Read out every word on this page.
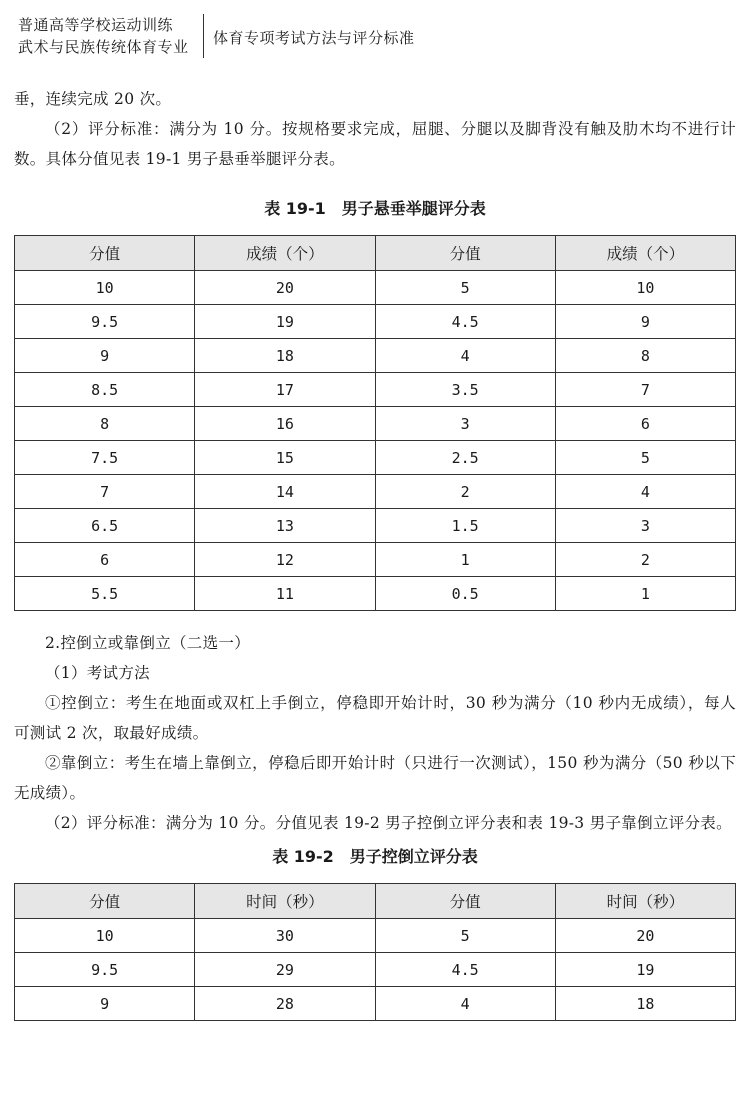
普通高等学校运动训练
武术与民族传统体育专业 体育专项考试方法与评分标准

垂，连续完成 20 次。

（2）评分标准：满分为 10 分。按规格要求完成，屈腿、分腿以及脚背没有触及肋木均不进行计数。具体分值见表 19-1 男子悬垂举腿评分表。

表 19-1　男子悬垂举腿评分表
分值	成绩（个）	分值	成绩（个）
10	20	5	10
9.5	19	4.5	9
9	18	4	8
8.5	17	3.5	7
8	16	3	6
7.5	15	2.5	5
7	14	2	4
6.5	13	1.5	3
6	12	1	2
5.5	11	0.5	1

2.控倒立或靠倒立（二选一）

（1）考试方法

①控倒立：考生在地面或双杠上手倒立，停稳即开始计时，30 秒为满分（10 秒内无成绩），每人可测试 2 次，取最好成绩。

②靠倒立：考生在墙上靠倒立，停稳后即开始计时（只进行一次测试），150 秒为满分（50 秒以下无成绩）。

（2）评分标准：满分为 10 分。分值见表 19-2 男子控倒立评分表和表 19-3 男子靠倒立评分表。

表 19-2　男子控倒立评分表
分值	时间（秒）	分值	时间（秒）
10	30	5	20
9.5	29	4.5	19
9	28	4	18
